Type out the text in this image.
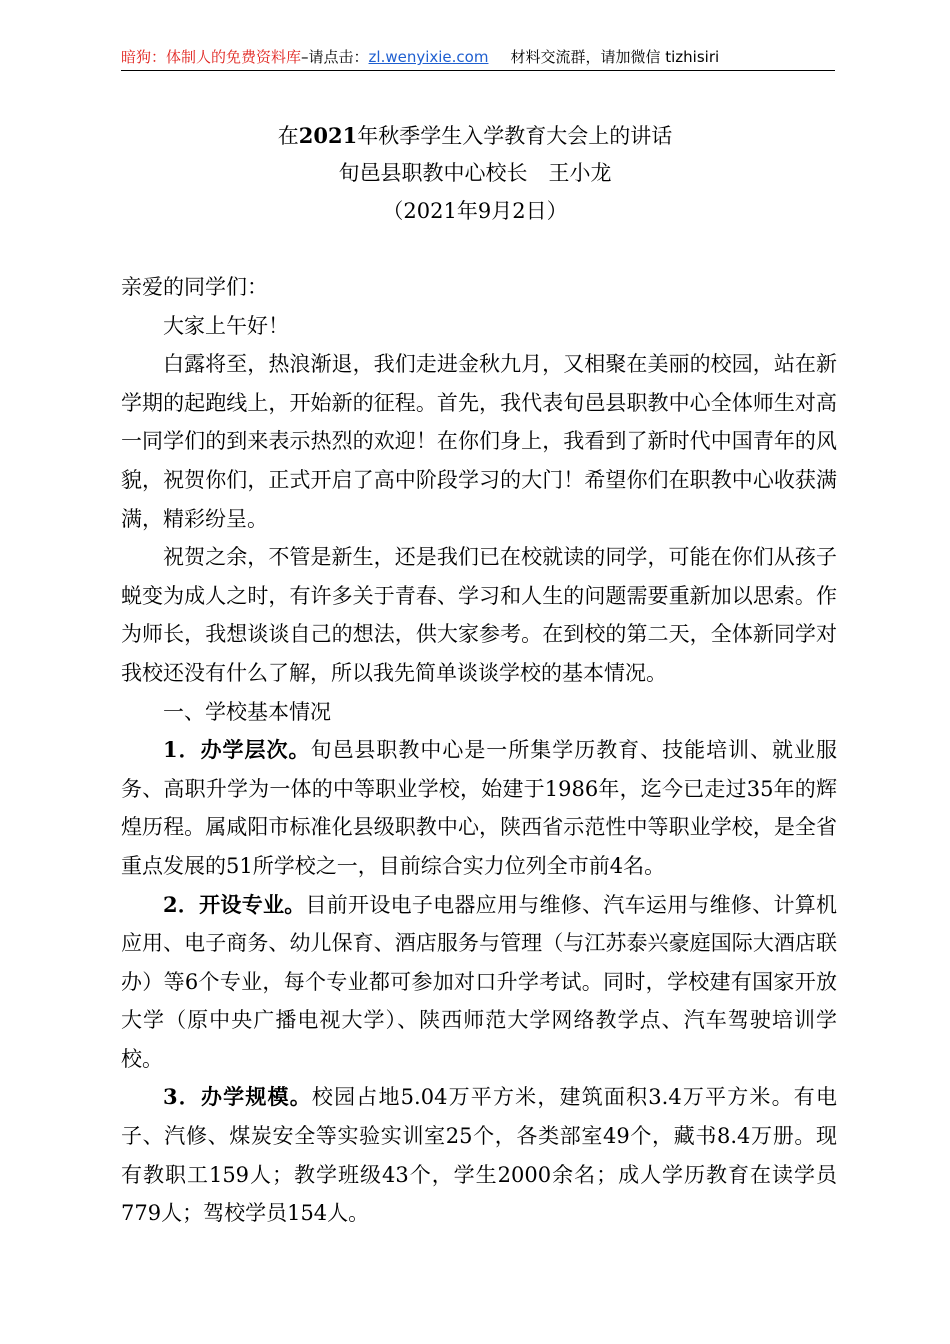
暗狗：体制人的免费资料库–请点击：zl.wenyixie.com 材料交流群，请加微信 tizhisiri
在2021年秋季学生入学教育大会上的讲话
旬邑县职教中心校长　王小龙
（2021年9月2日）

亲爱的同学们：

大家上午好！

白露将至，热浪渐退，我们走进金秋九月，又相聚在美丽的校园，站在新学期的起跑线上，开始新的征程。首先，我代表旬邑县职教中心全体师生对高一同学们的到来表示热烈的欢迎！在你们身上，我看到了新时代中国青年的风貌，祝贺你们，正式开启了高中阶段学习的大门！希望你们在职教中心收获满满，精彩纷呈。

祝贺之余，不管是新生，还是我们已在校就读的同学，可能在你们从孩子蜕变为成人之时，有许多关于青春、学习和人生的问题需要重新加以思索。作为师长，我想谈谈自己的想法，供大家参考。在到校的第二天，全体新同学对我校还没有什么了解，所以我先简单谈谈学校的基本情况。

一、学校基本情况

1．办学层次。旬邑县职教中心是一所集学历教育、技能培训、就业服务、高职升学为一体的中等职业学校，始建于1986年，迄今已走过35年的辉煌历程。属咸阳市标准化县级职教中心，陕西省示范性中等职业学校，是全省重点发展的51所学校之一，目前综合实力位列全市前4名。

2．开设专业。目前开设电子电器应用与维修、汽车运用与维修、计算机应用、电子商务、幼儿保育、酒店服务与管理（与江苏泰兴豪庭国际大酒店联办）等6个专业，每个专业都可参加对口升学考试。同时，学校建有国家开放大学（原中央广播电视大学）、陕西师范大学网络教学点、汽车驾驶培训学校。

3．办学规模。校园占地5.04万平方米，建筑面积3.4万平方米。有电子、汽修、煤炭安全等实验实训室25个，各类部室49个，藏书8.4万册。现有教职工159人；教学班级43个，学生2000余名；成人学历教育在读学员779人；驾校学员154人。
